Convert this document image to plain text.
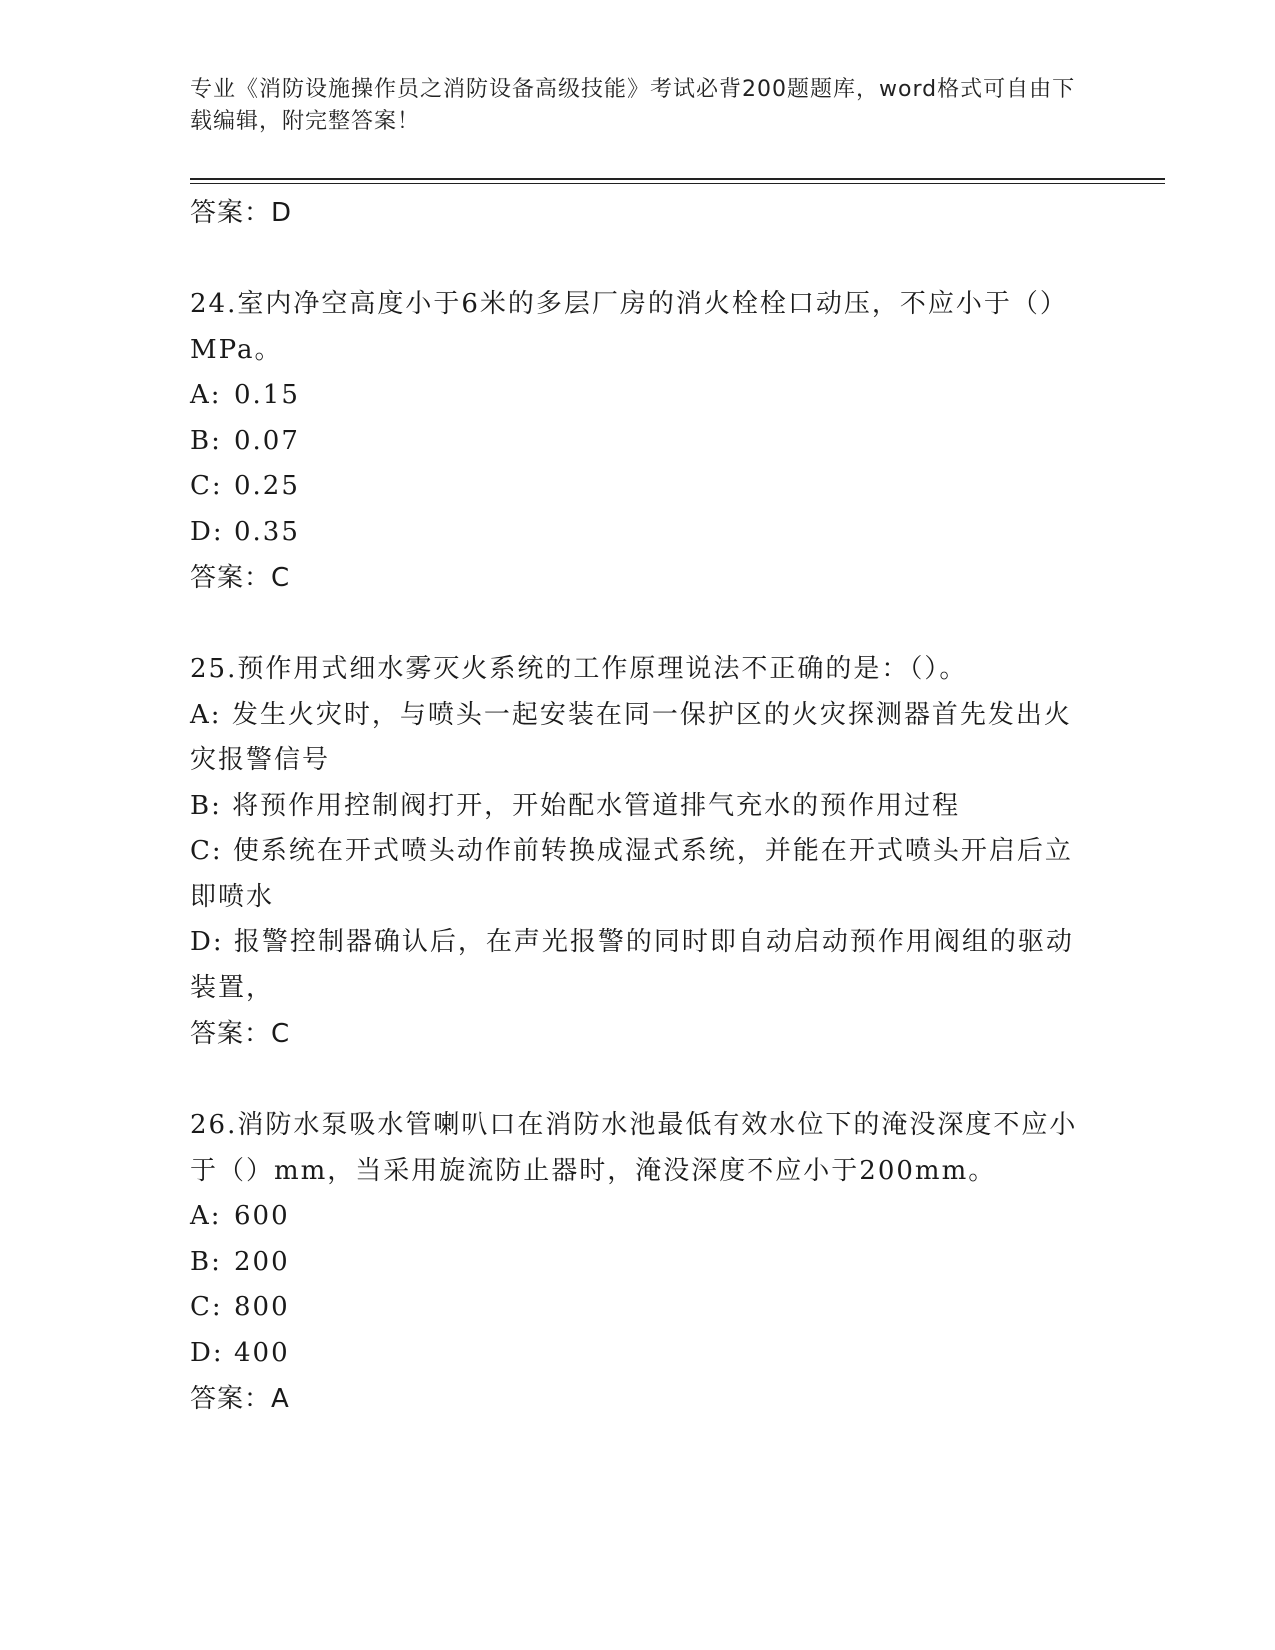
专业《消防设施操作员之消防设备高级技能》考试必背200题题库，word格式可自由下载编辑，附完整答案！
答案：D
24.室内净空高度小于6米的多层厂房的消火栓栓口动压，不应小于（）MPa。
A: 0.15
B: 0.07
C: 0.25
D: 0.35
答案：C
25.预作用式细水雾灭火系统的工作原理说法不正确的是：（）。
A: 发生火灾时，与喷头一起安装在同一保护区的火灾探测器首先发出火灾报警信号
B: 将预作用控制阀打开，开始配水管道排气充水的预作用过程
C: 使系统在开式喷头动作前转换成湿式系统，并能在开式喷头开启后立即喷水
D: 报警控制器确认后，在声光报警的同时即自动启动预作用阀组的驱动装置，
答案：C
26.消防水泵吸水管喇叭口在消防水池最低有效水位下的淹没深度不应小于（）mm，当采用旋流防止器时，淹没深度不应小于200mm。
A: 600
B: 200
C: 800
D: 400
答案：A
